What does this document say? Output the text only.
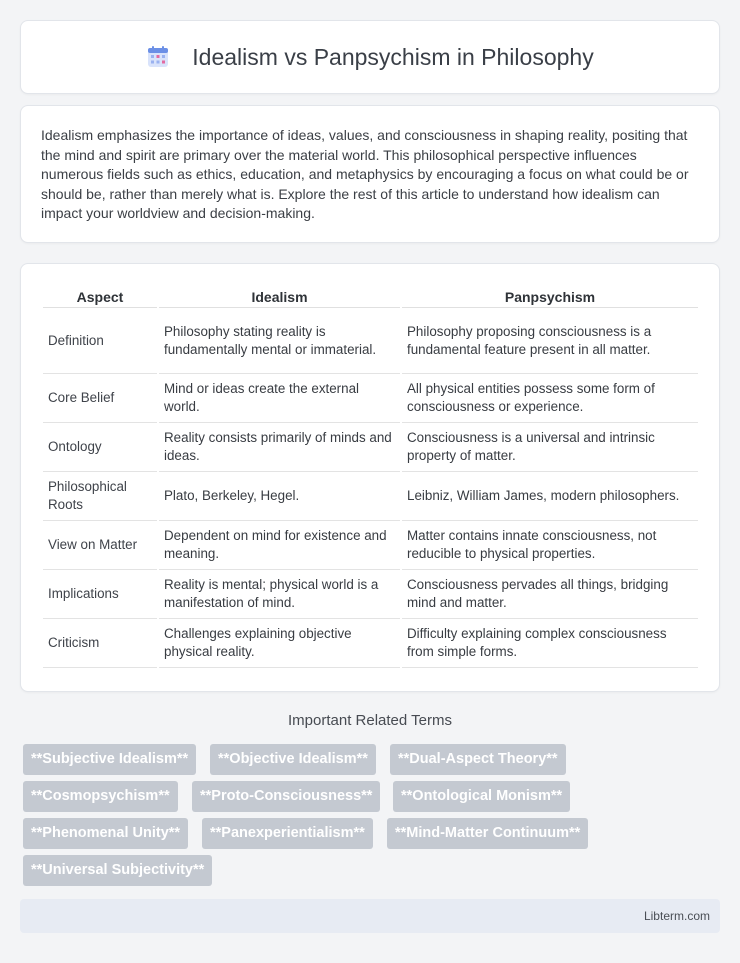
Idealism vs Panpsychism in Philosophy

Idealism emphasizes the importance of ideas, values, and consciousness in shaping reality, positing that the mind and spirit are primary over the material world. This philosophical perspective influences numerous fields such as ethics, education, and metaphysics by encouraging a focus on what could be or should be, rather than merely what is. Explore the rest of this article to understand how idealism can impact your worldview and decision-making.

Aspect	Idealism	Panpsychism
Definition	Philosophy stating reality is fundamentally mental or immaterial.	Philosophy proposing consciousness is a fundamental feature present in all matter.
Core Belief	Mind or ideas create the external world.	All physical entities possess some form of consciousness or experience.
Ontology	Reality consists primarily of minds and ideas.	Consciousness is a universal and intrinsic property of matter.
Philosophical Roots	Plato, Berkeley, Hegel.	Leibniz, William James, modern philosophers.
View on Matter	Dependent on mind for existence and meaning.	Matter contains innate consciousness, not reducible to physical properties.
Implications	Reality is mental; physical world is a manifestation of mind.	Consciousness pervades all things, bridging mind and matter.
Criticism	Challenges explaining objective physical reality.	Difficulty explaining complex consciousness from simple forms.
Important Related Terms
**Subjective Idealism**	**Objective Idealism**	**Dual-Aspect Theory**
**Cosmopsychism**	**Proto-Consciousness**	**Ontological Monism**
**Phenomenal Unity**	**Panexperientialism**	**Mind-Matter Continuum**
**Universal Subjectivity**
Libterm.com
